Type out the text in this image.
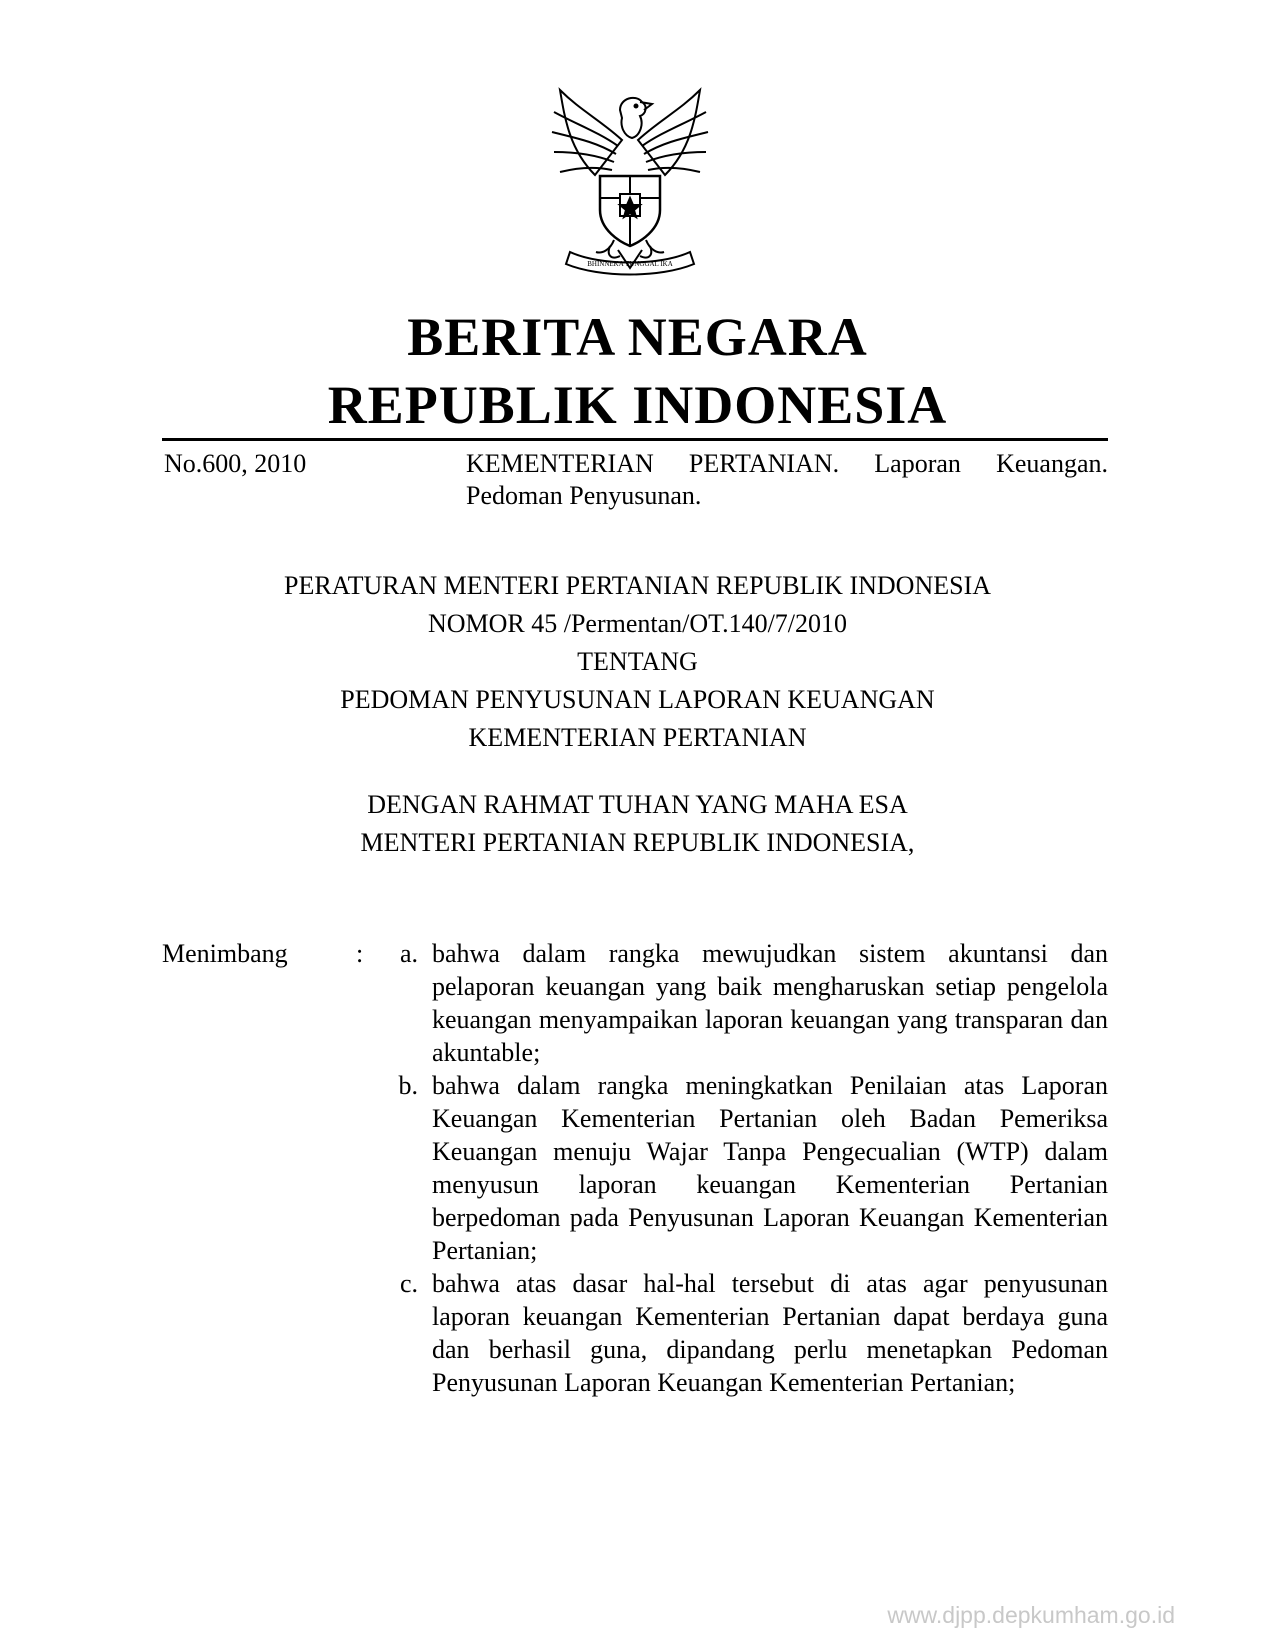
BHINNEKA TUNGGAL IKA
BERITA NEGARA
REPUBLIK INDONESIA
No.600, 2010	KEMENTERIAN PERTANIAN. Laporan Keuangan.
Pedoman Penyusunan.
PERATURAN MENTERI PERTANIAN REPUBLIK INDONESIA
NOMOR 45 /Permentan/OT.140/7/2010
TENTANG
PEDOMAN PENYUSUNAN LAPORAN KEUANGAN
KEMENTERIAN PERTANIAN
DENGAN RAHMAT TUHAN YANG MAHA ESA
MENTERI PERTANIAN REPUBLIK INDONESIA,
Menimbang	:	a. bahwa dalam rangka mewujudkan sistem akuntansi dan pelaporan keuangan yang baik mengharuskan setiap pengelola keuangan menyampaikan laporan keuangan yang transparan dan akuntable;
b. bahwa dalam rangka meningkatkan Penilaian atas Laporan Keuangan Kementerian Pertanian oleh Badan Pemeriksa Keuangan menuju Wajar Tanpa Pengecualian (WTP) dalam menyusun laporan keuangan Kementerian Pertanian berpedoman pada Penyusunan Laporan Keuangan Kementerian Pertanian;
c. bahwa atas dasar hal-hal tersebut di atas agar penyusunan laporan keuangan Kementerian Pertanian dapat berdaya guna dan berhasil guna, dipandang perlu menetapkan Pedoman Penyusunan Laporan Keuangan Kementerian Pertanian;
www.djpp.depkumham.go.id
